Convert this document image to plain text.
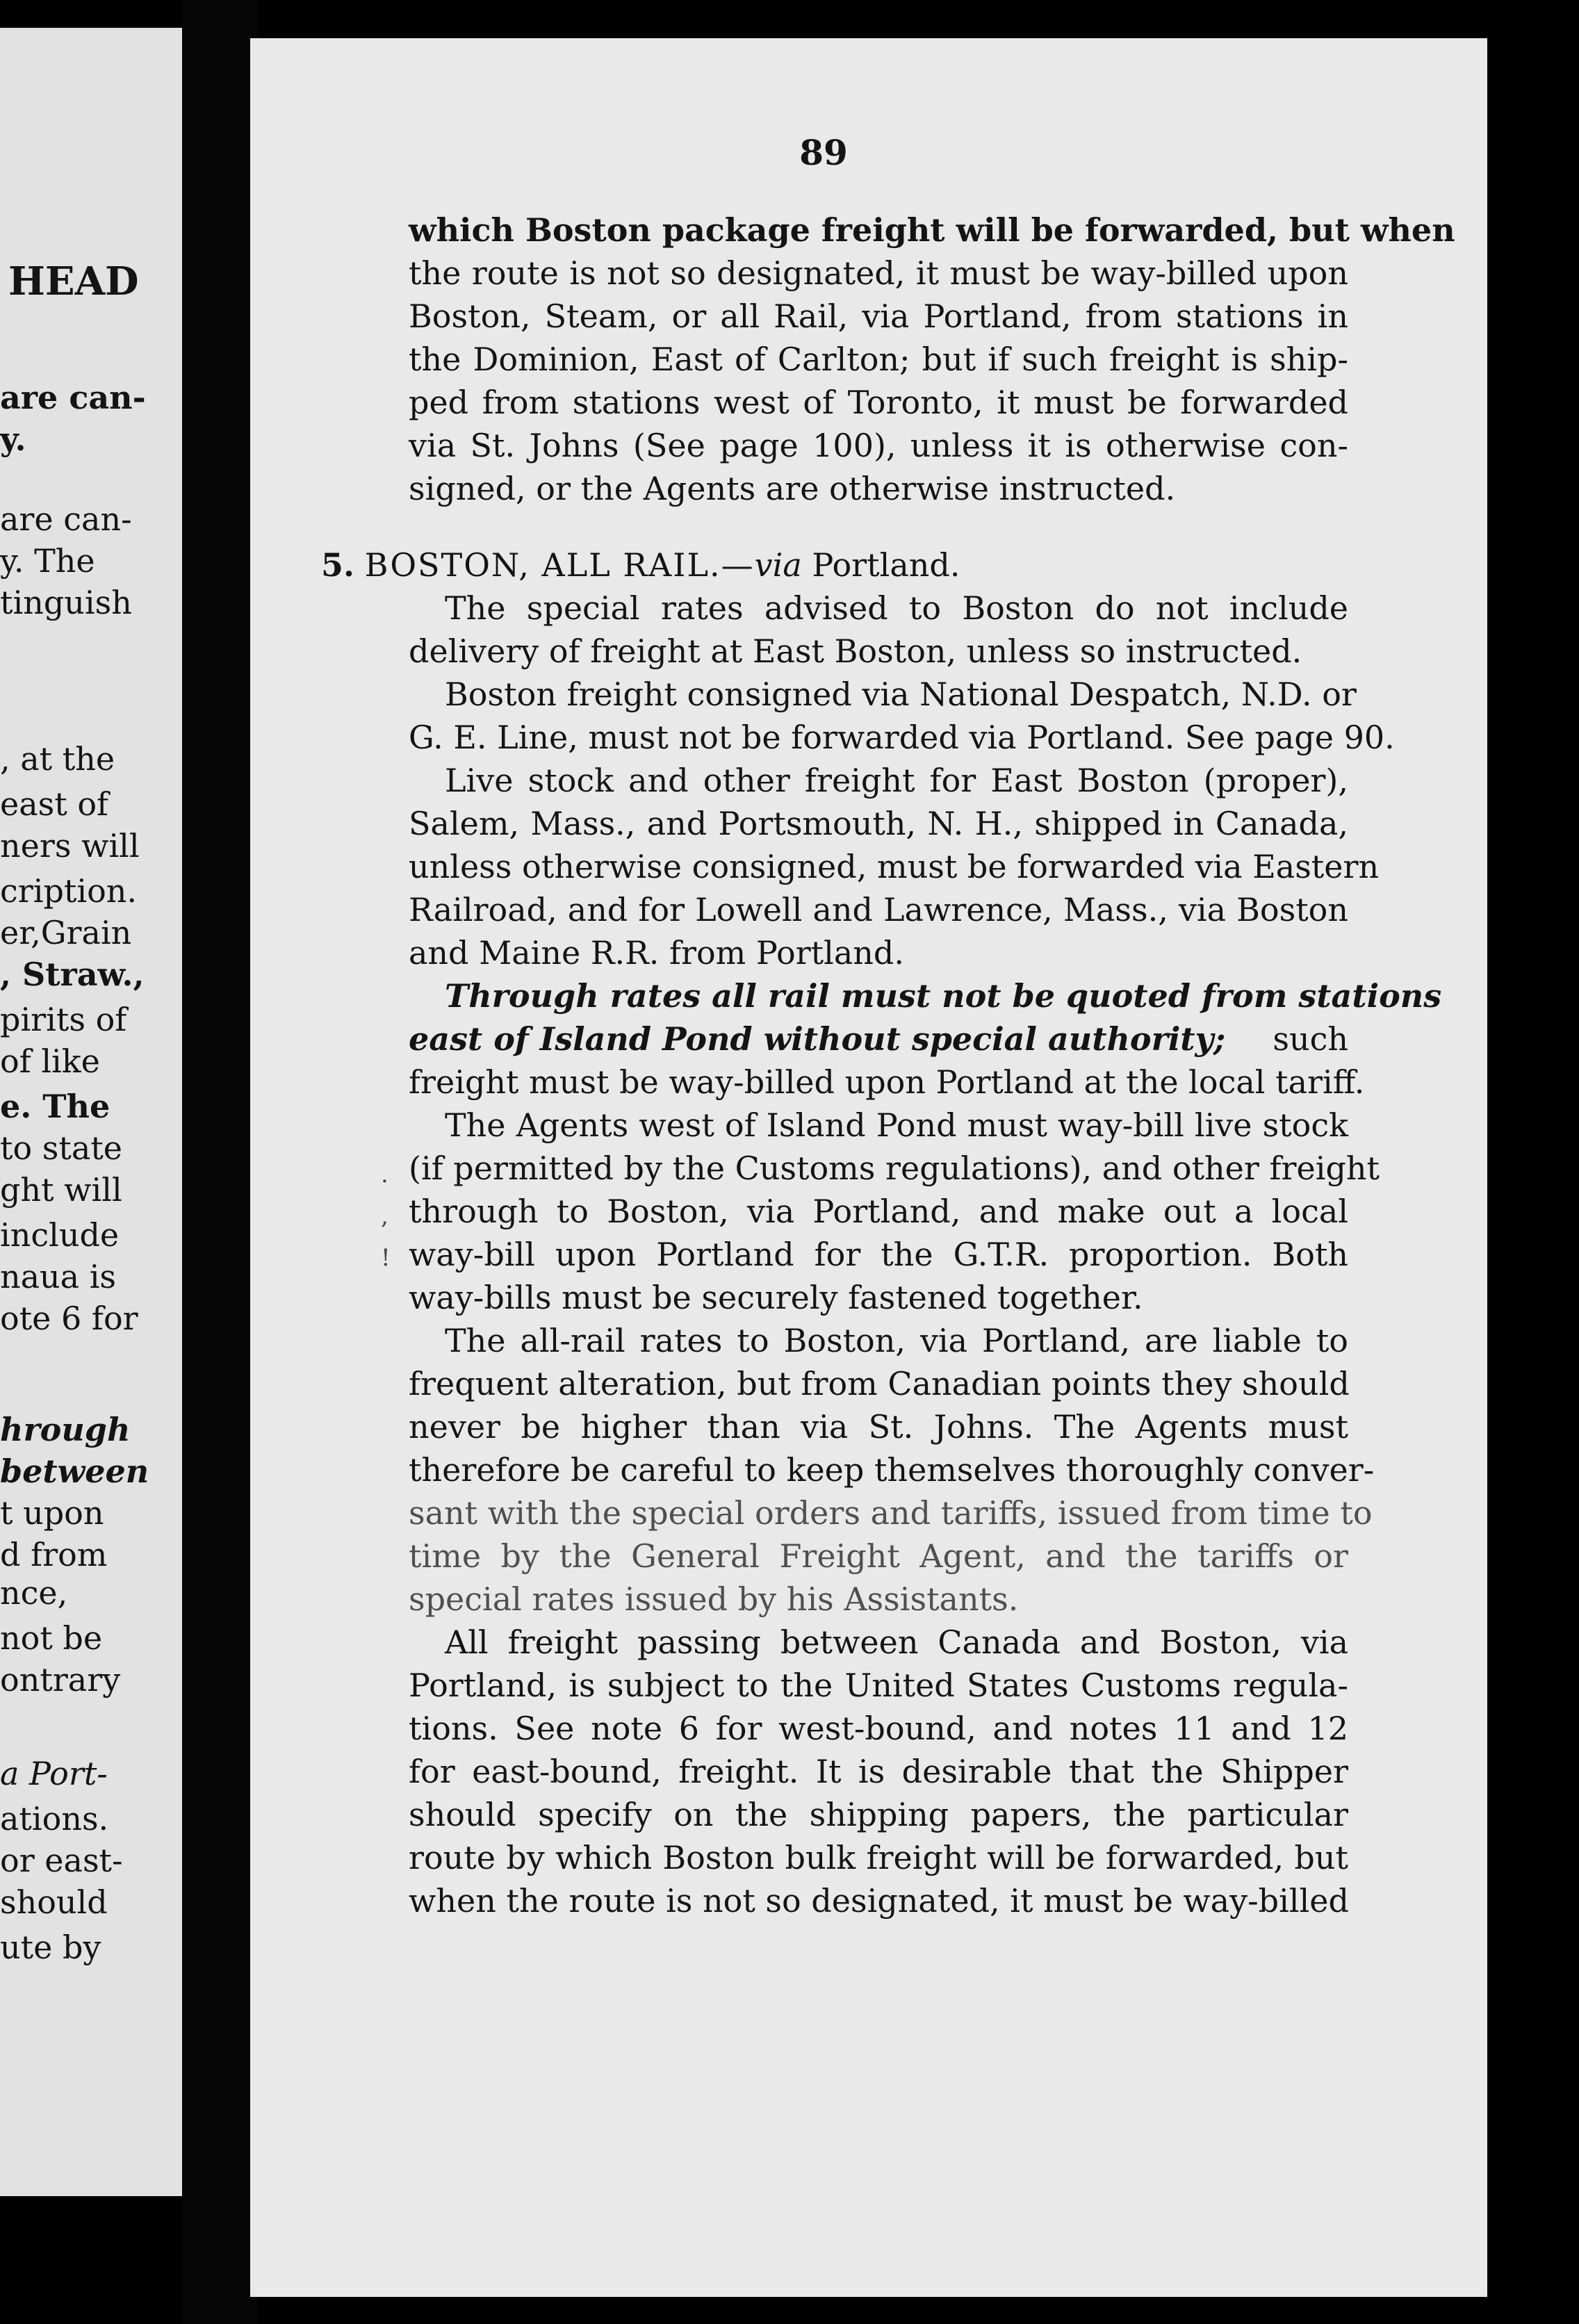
HEAD
are can-
y.
are can-
y. The
tinguish
, at the
east of
ners will
cription.
er,Grain
, Straw.,
pirits of
of like
e. The
to state
ght will
include
naua is
ote 6 for
hrough
between
t upon
d from
nce,
not be
ontrary
a Port-
ations.
or east-
should
ute by
89
which Boston package freight will be forwarded, but when
the route is not so designated, it must be way-billed upon
Boston, Steam, or all Rail, via Portland, from stations in
the Dominion, East of Carlton; but if such freight is ship-
ped from stations west of Toronto, it must be forwarded
via St. Johns (See page 100), unless it is otherwise con-
signed, or the Agents are otherwise instructed.
5. BOSTON, ALL RAIL.—via Portland.
The special rates advised to Boston do not include
delivery of freight at East Boston, unless so instructed.
Boston freight consigned via National Despatch, N.D. or
G. E. Line, must not be forwarded via Portland. See page 90.
Live stock and other freight for East Boston (proper),
Salem, Mass., and Portsmouth, N. H., shipped in Canada,
unless otherwise consigned, must be forwarded via Eastern
Railroad, and for Lowell and Lawrence, Mass., via Boston
and Maine R.R. from Portland.
Through rates all rail must not be quoted from stations
east of Island Pond without special authority; such
freight must be way-billed upon Portland at the local tariff.
The Agents west of Island Pond must way-bill live stock
(if permitted by the Customs regulations), and other freight
through to Boston, via Portland, and make out a local
way-bill upon Portland for the G.T.R. proportion. Both
way-bills must be securely fastened together.
The all-rail rates to Boston, via Portland, are liable to
frequent alteration, but from Canadian points they should
never be higher than via St. Johns. The Agents must
therefore be careful to keep themselves thoroughly conver-
sant with the special orders and tariffs, issued from time to
time by the General Freight Agent, and the tariffs or
special rates issued by his Assistants.
All freight passing between Canada and Boston, via
Portland, is subject to the United States Customs regula-
tions. See note 6 for west-bound, and notes 11 and 12
for east-bound, freight. It is desirable that the Shipper
should specify on the shipping papers, the particular
route by which Boston bulk freight will be forwarded, but
when the route is not so designated, it must be way-billed
.
,
!
